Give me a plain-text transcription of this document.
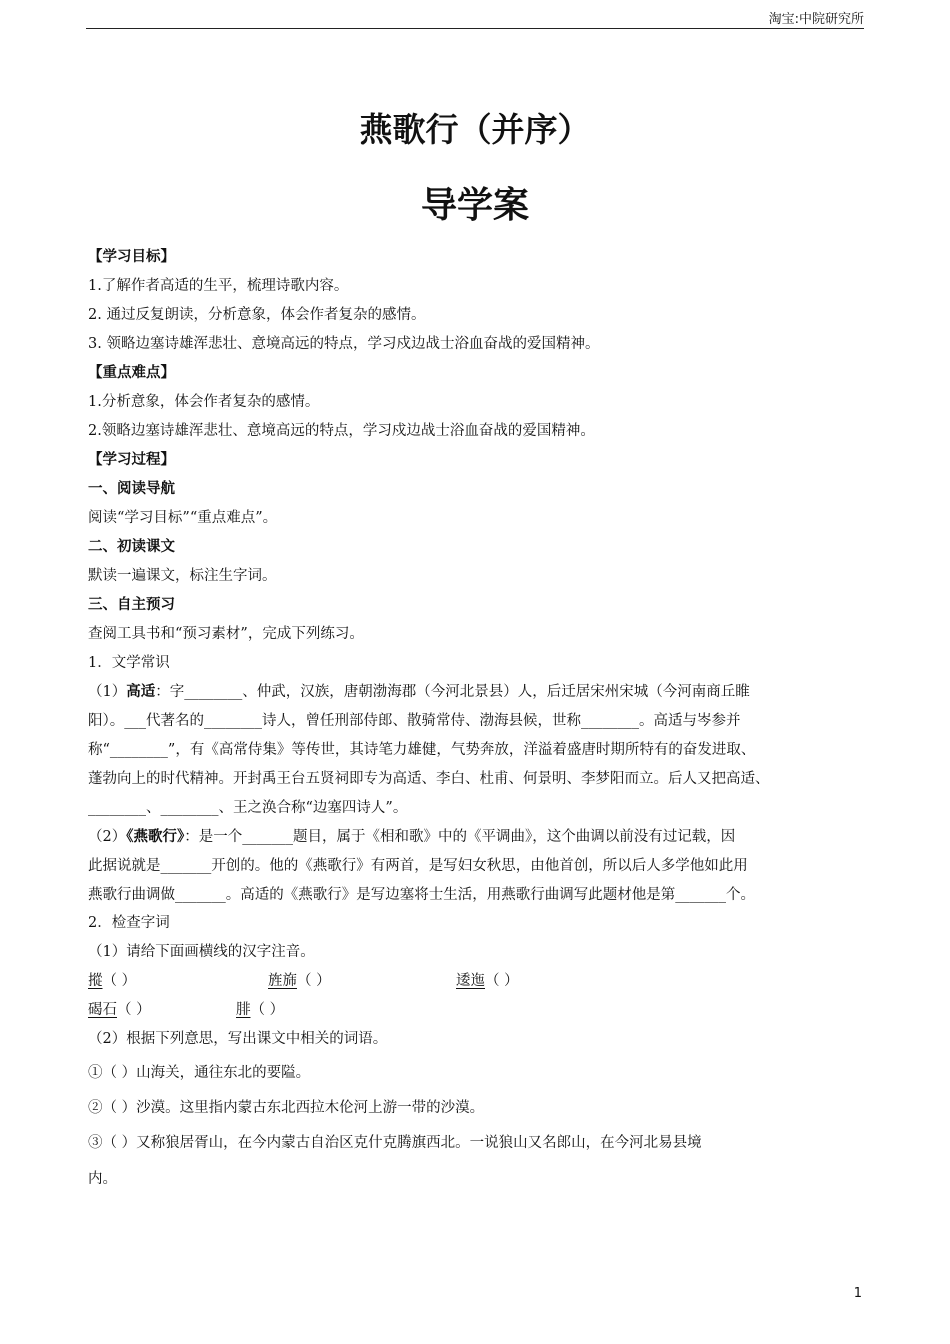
淘宝:中院研究所
燕歌行（并序）
导学案
【学习目标】
1.了解作者高适的生平，梳理诗歌内容。
2. 通过反复朗读，分析意象，体会作者复杂的感情。
3. 领略边塞诗雄浑悲壮、意境高远的特点，学习戍边战士浴血奋战的爱国精神。
【重点难点】
1.分析意象，体会作者复杂的感情。
2.领略边塞诗雄浑悲壮、意境高远的特点，学习戍边战士浴血奋战的爱国精神。
【学习过程】
一、阅读导航
阅读“学习目标”“重点难点”。
二、初读课文
默读一遍课文，标注生字词。
三、自主预习
查阅工具书和“预习素材”，完成下列练习。
1．文学常识
（1）高适：字________、仲武，汉族，唐朝渤海郡（今河北景县）人，后迁居宋州宋城（今河南商丘睢
阳）。___代著名的________诗人，曾任刑部侍郎、散骑常侍、渤海县候，世称________。高适与岑参并
称“________”，有《高常侍集》等传世，其诗笔力雄健，气势奔放，洋溢着盛唐时期所特有的奋发进取、
蓬勃向上的时代精神。开封禹王台五贤祠即专为高适、李白、杜甫、何景明、李梦阳而立。后人又把高适、
________、________、王之涣合称“边塞四诗人”。
（2）《燕歌行》：是一个_______题目，属于《相和歌》中的《平调曲》，这个曲调以前没有过记载，因
此据说就是_______开创的。他的《燕歌行》有两首，是写妇女秋思，由他首创，所以后人多学他如此用
燕歌行曲调做_______。高适的《燕歌行》是写边塞将士生活，用燕歌行曲调写此题材他是第_______个。
2．检查字词
（1）请给下面画横线的汉字注音。
摐（ ）	旌旆（ ）	逶迤（ ）
碣石（ ）	腓（ ）
（2）根据下列意思，写出课文中相关的词语。
①（ ）山海关，通往东北的要隘。
②（ ）沙漠。这里指内蒙古东北西拉木伦河上游一带的沙漠。
③（ ）又称狼居胥山，在今内蒙古自治区克什克腾旗西北。一说狼山又名郎山，在今河北易县境
内。
1
